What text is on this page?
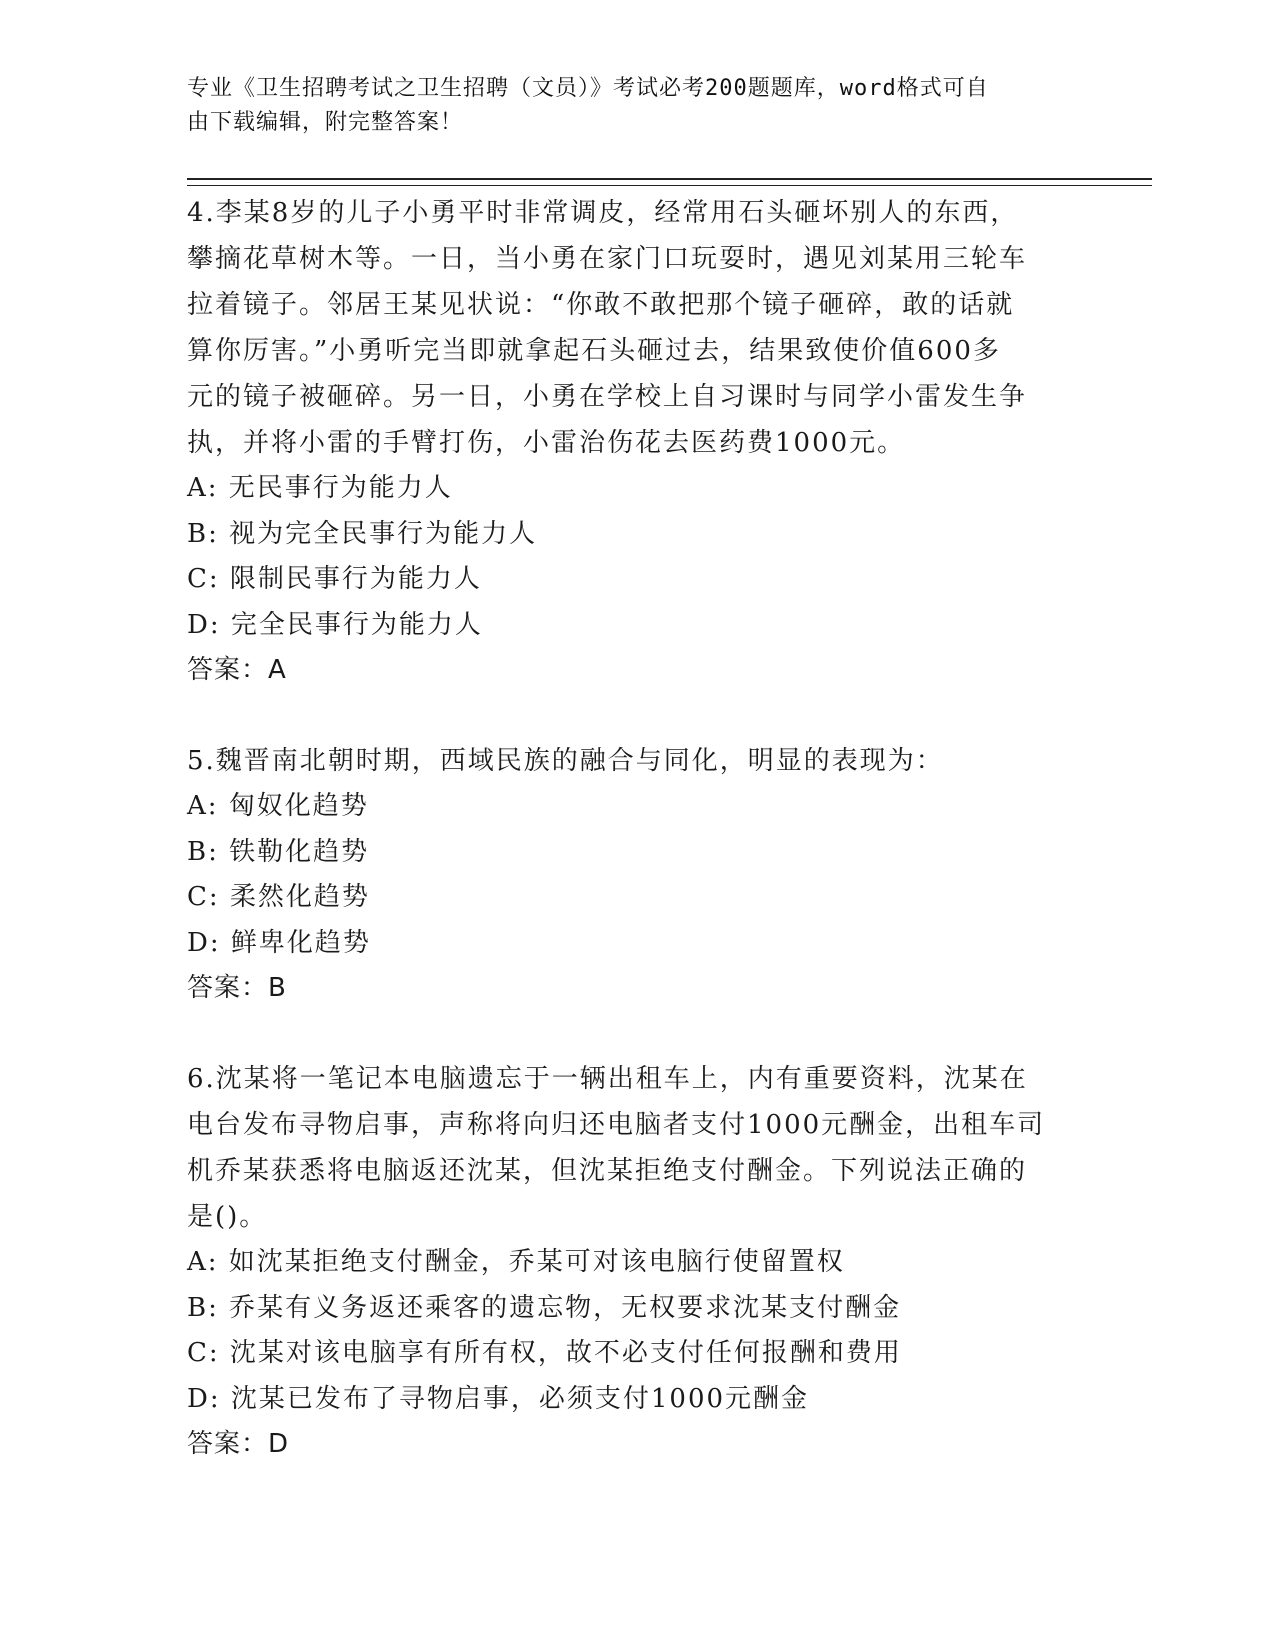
专业《卫生招聘考试之卫生招聘（文员）》考试必考200题题库，word格式可自
由下载编辑，附完整答案！
4.李某8岁的儿子小勇平时非常调皮，经常用石头砸坏别人的东西，
攀摘花草树木等。一日，当小勇在家门口玩耍时，遇见刘某用三轮车
拉着镜子。邻居王某见状说：“你敢不敢把那个镜子砸碎，敢的话就
算你厉害。”小勇听完当即就拿起石头砸过去，结果致使价值600多
元的镜子被砸碎。另一日，小勇在学校上自习课时与同学小雷发生争
执，并将小雷的手臂打伤，小雷治伤花去医药费1000元。
A: 无民事行为能力人
B: 视为完全民事行为能力人
C: 限制民事行为能力人
D: 完全民事行为能力人
答案：A
5.魏晋南北朝时期，西域民族的融合与同化，明显的表现为：
A: 匈奴化趋势
B: 铁勒化趋势
C: 柔然化趋势
D: 鲜卑化趋势
答案：B
6.沈某将一笔记本电脑遗忘于一辆出租车上，内有重要资料，沈某在
电台发布寻物启事，声称将向归还电脑者支付1000元酬金，出租车司
机乔某获悉将电脑返还沈某，但沈某拒绝支付酬金。下列说法正确的
是()。
A: 如沈某拒绝支付酬金，乔某可对该电脑行使留置权
B: 乔某有义务返还乘客的遗忘物，无权要求沈某支付酬金
C: 沈某对该电脑享有所有权，故不必支付任何报酬和费用
D: 沈某已发布了寻物启事，必须支付1000元酬金
答案：D
